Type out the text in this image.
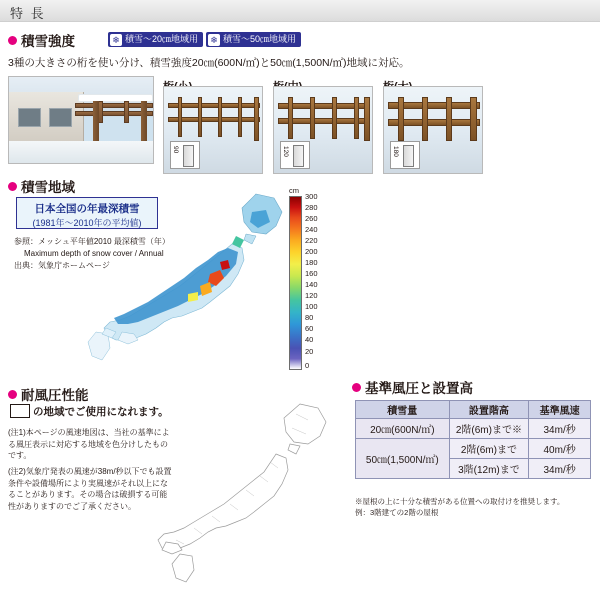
特 長
積雪強度	❄ 積雪～20㎝地域用	❄ 積雪～50㎝地域用
3種の大きさの桁を使い分け、積雪強度20㎝(600N/㎡)と50㎝(1,500N/㎡)地域に対応。
90	120	180
積雪地域
日本全国の年最深積雪
(1981年～2010年の平均値)
参照：メッシュ平年値2010 最深積雪（年）
Maximum depth of snow cover / Annual
出典：気象庁ホームページ
cm
300
280
260
240
220
200
180
160
140
120
100
80
60
40
20
0
耐風圧性能
の地域でご使用になれます。
(注1)本ページの風速地図は、当社の基準による風圧表示に対応する地域を色分けしたものです。
(注2)気象庁発表の風速が38m/秒以下でも設置条件や設備場所により実風速がそれ以上になることがあります。その場合は破損する可能性がありますのでご了承ください。
基準風圧と設置高
積雪量	設置階高	基準風速
20㎝(600N/㎡)	2階(6m)まで※	34m/秒
50㎝(1,500N/㎡)	2階(6m)まで	40m/秒
	3階(12m)まで	34m/秒
※屋根の上に十分な積雪がある位置への取付けを推奨します。
例：3階建ての2階の屋根
